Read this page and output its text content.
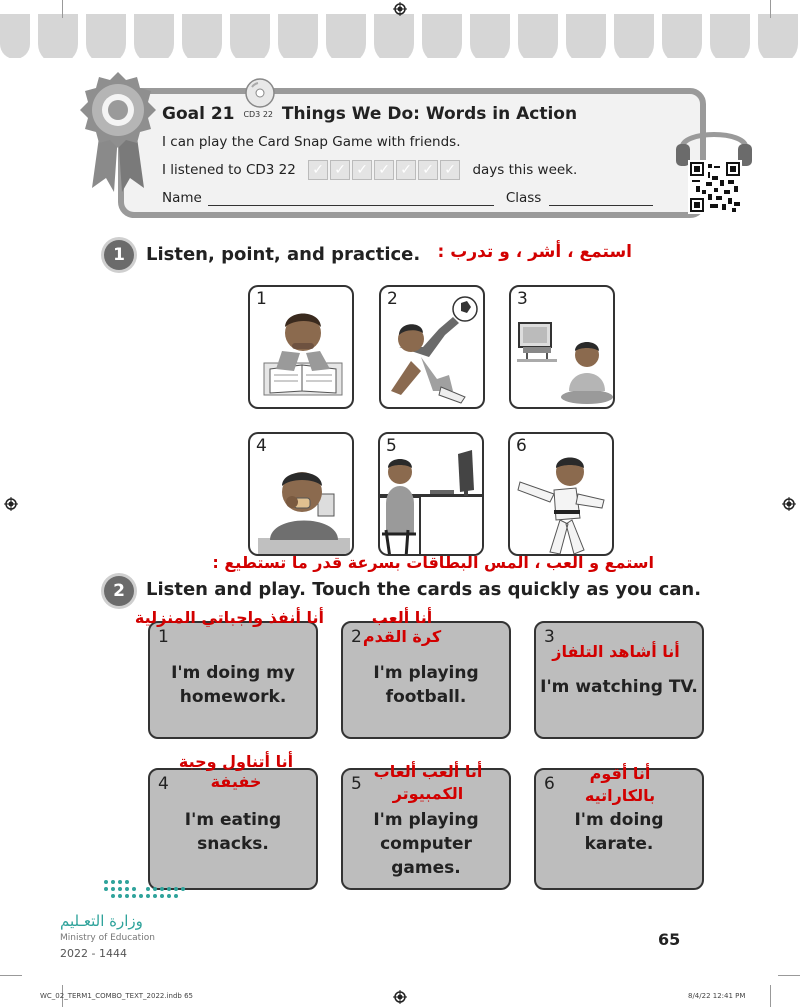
Goal 21 CD3 22 Things We Do: Words in Action
I can play the Card Snap Game with friends.
I listened to CD3 22 ✓ ✓ ✓ ✓ ✓ ✓ ✓	days this week.
Name	Class
1	Listen, point, and practice. استمع ، أشر ، و تدرب :
1	2	3
4	5	6
استمع و العب ، المس البطاقات بسرعة قدر ما تستطيع :
2	Listen and play. Touch the cards as quickly as you can.
1
I'm doing my
homework.
2
I'm playing
football.
3
I'm watching TV.
4
I'm eating
snacks.
5
I'm playing
computer games.
6
I'm doing
karate.
أنا أنفذ واجباتي المنزلية	أنا ألعب
كرة القدم
أنا أشاهد التلفاز
أنا أتناول وجبة
خفيفة
أنا ألعب ألعاب
الكمبيوتر
أنا أقوم
بالكاراتيه
وزارة التعـليم
Ministry of Education
2022 - 1444
65
WC_02_TERM1_COMBO_TEXT_2022.indb 65	8/4/22 12:41 PM
